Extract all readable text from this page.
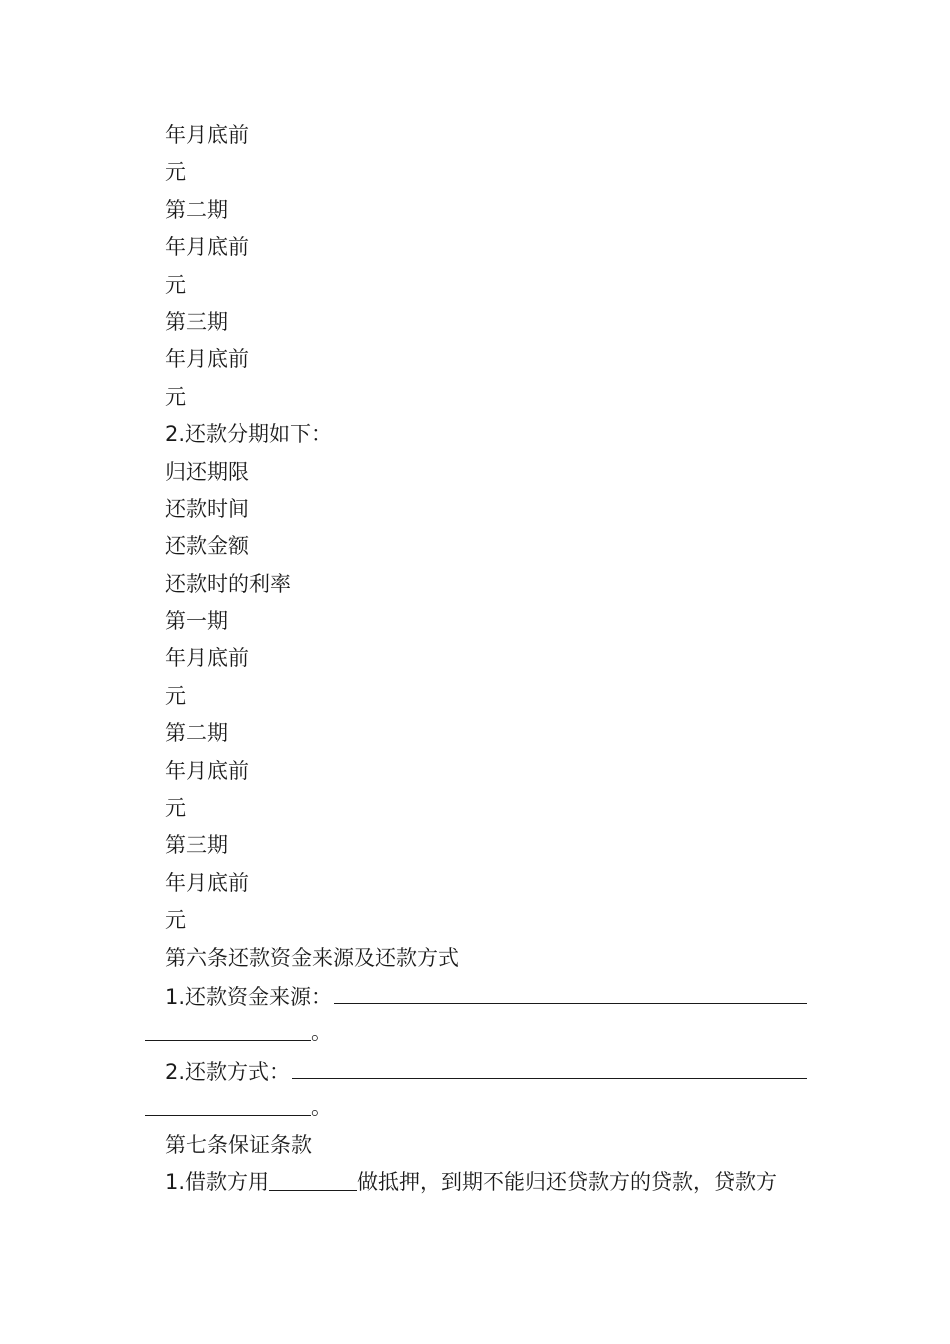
年月底前
元
第二期
年月底前
元
第三期
年月底前
元
2.还款分期如下：
归还期限
还款时间
还款金额
还款时的利率
第一期
年月底前
元
第二期
年月底前
元
第三期
年月底前
元
第六条还款资金来源及还款方式
1.还款资金来源：
。
2.还款方式：
。
第七条保证条款
1.借款方用	做抵押，到期不能归还贷款方的贷款，贷款方
